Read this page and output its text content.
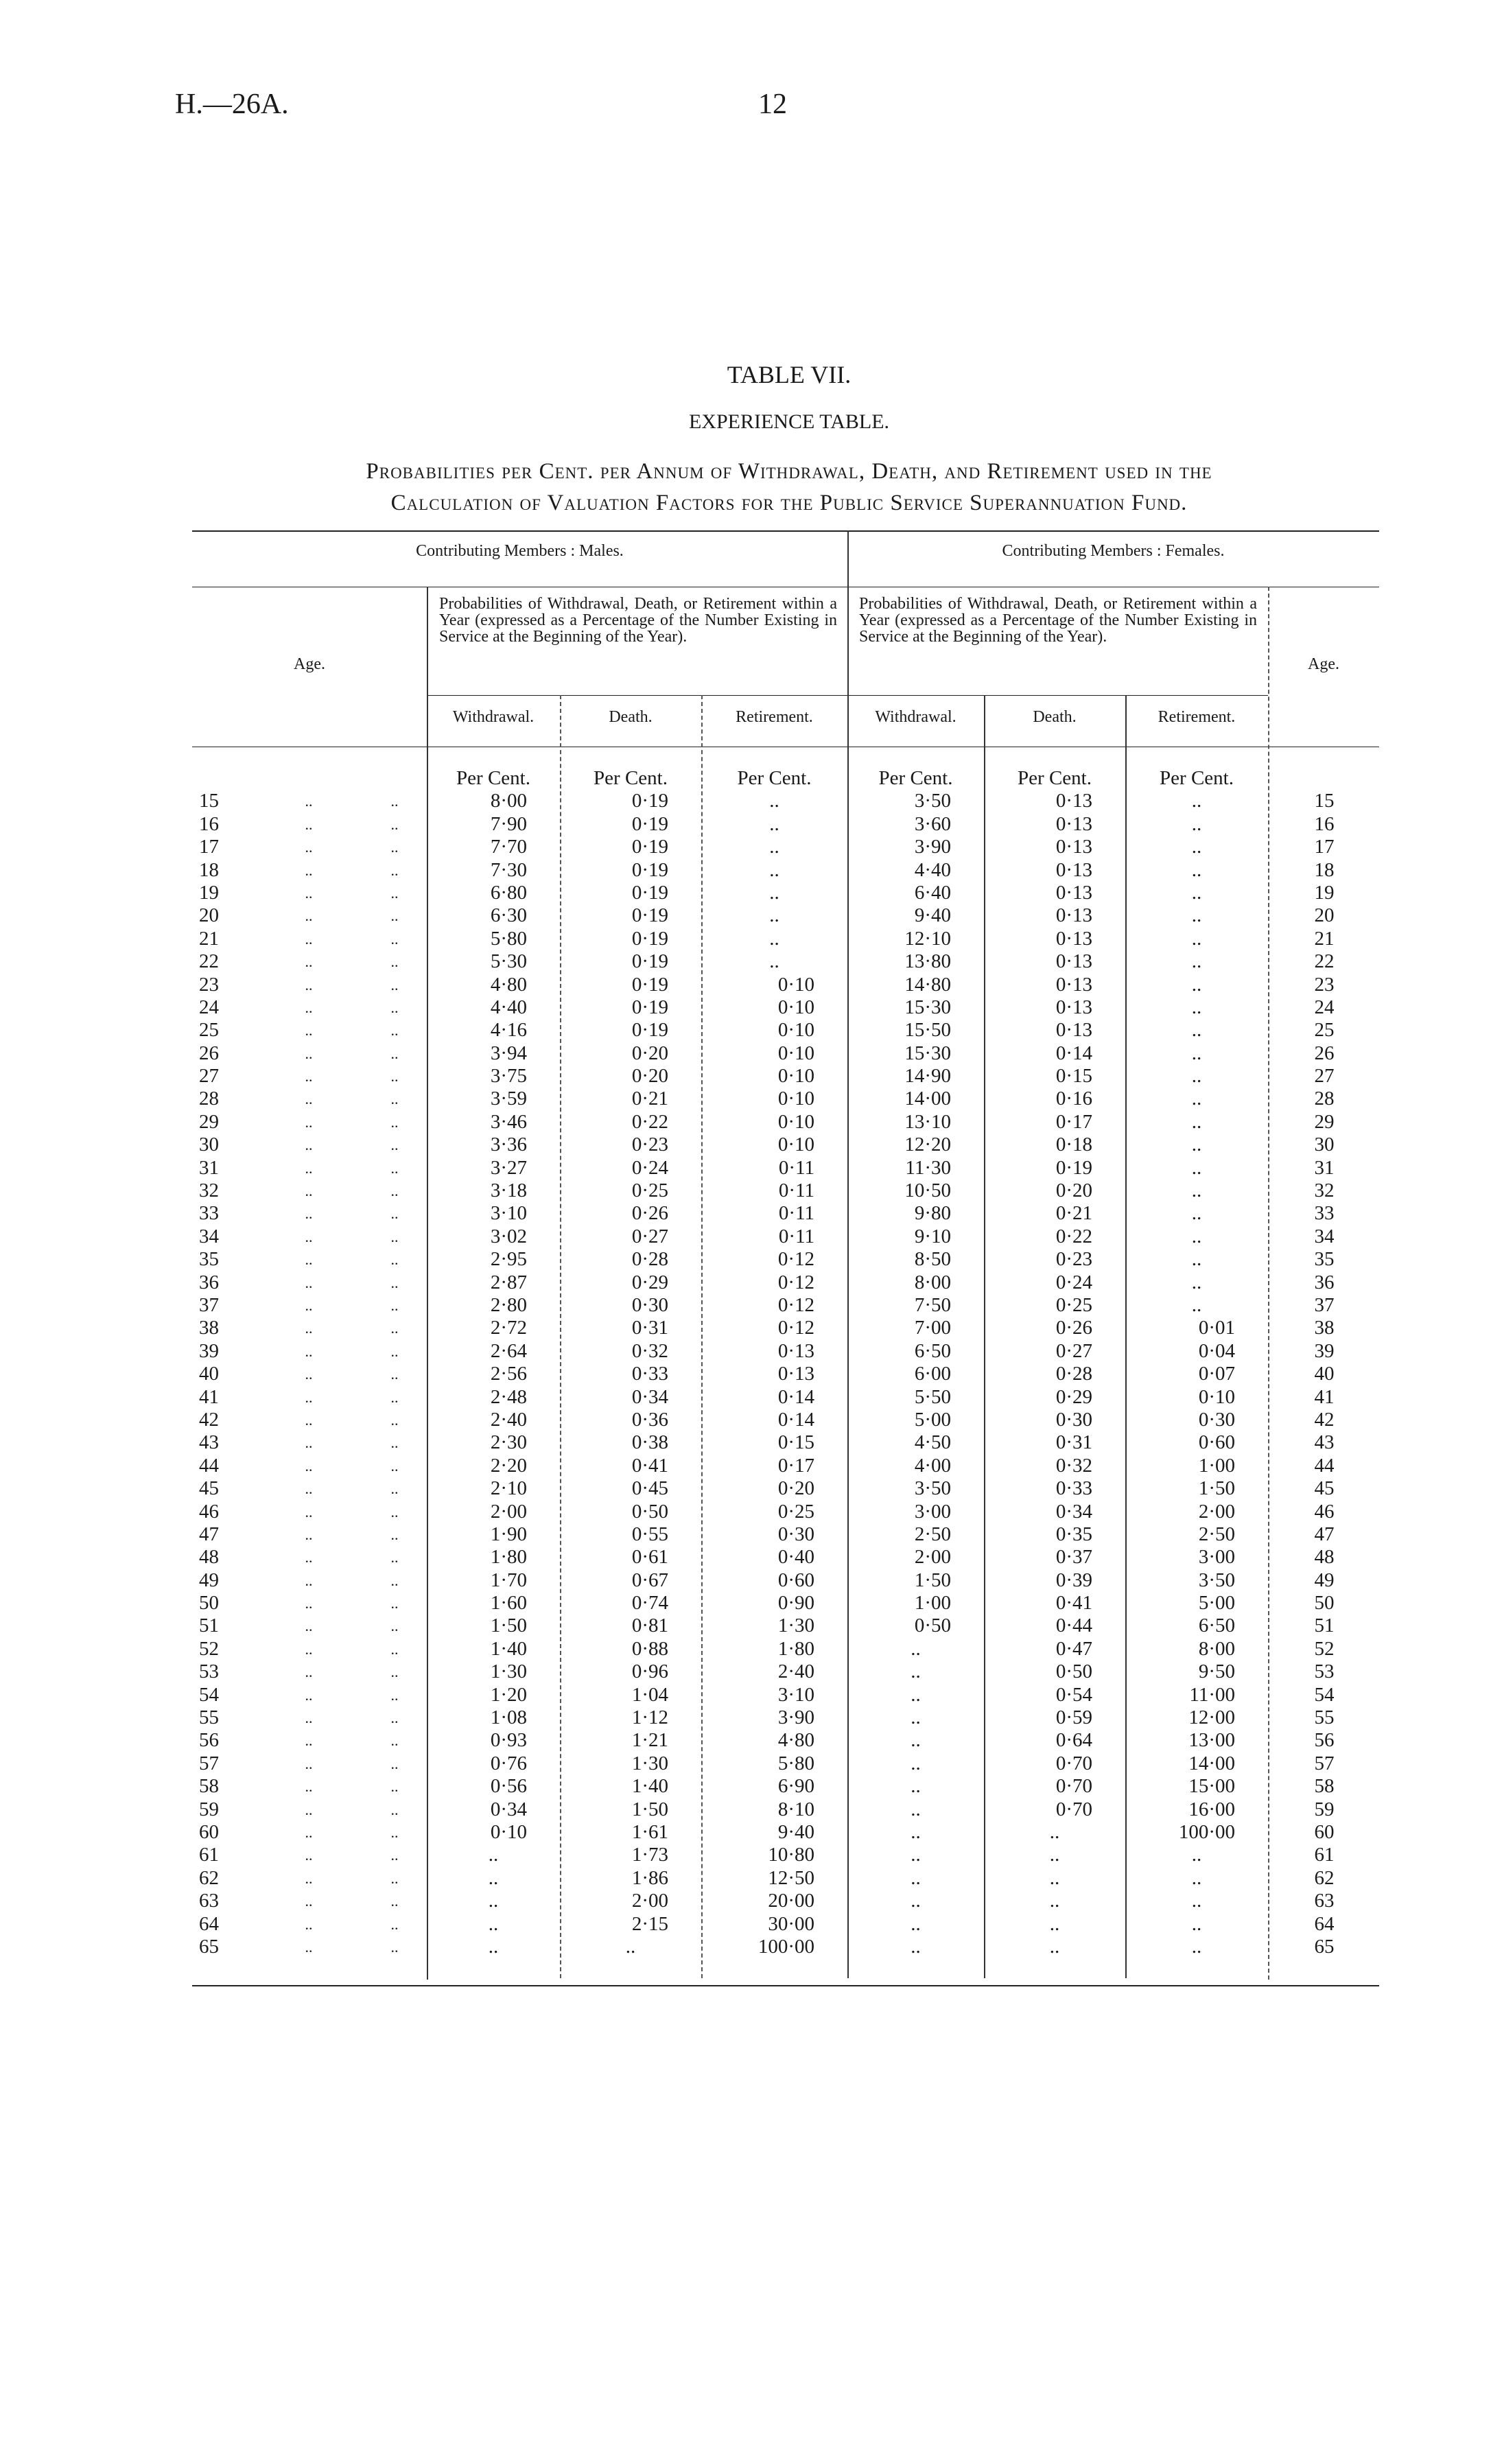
H.—26A.	12
TABLE VII.
EXPERIENCE TABLE.
Probabilities per Cent. per Annum of Withdrawal, Death, and Retirement used in the
Calculation of Valuation Factors for the Public Service Superannuation Fund.
Contributing Members : Males.	Contributing Members : Females.
Probabilities of Withdrawal, Death, or Retirement within a Year (expressed as a Percentage of the Number Existing in Service at the Beginning of the Year).
Probabilities of Withdrawal, Death, or Retirement within a Year (expressed as a Percentage of the Number Existing in Service at the Beginning of the Year).
Age.	Age.
Withdrawal.	Death.	Retirement.	Withdrawal.	Death.	Retirement.
Per Cent.	Per Cent.	Per Cent.	Per Cent.	Per Cent.	Per Cent.
15	..	..	8·00	0·19	..	3·50	0·13	..	15
16	..	..	7·90	0·19	..	3·60	0·13	..	16
17	..	..	7·70	0·19	..	3·90	0·13	..	17
18	..	..	7·30	0·19	..	4·40	0·13	..	18
19	..	..	6·80	0·19	..	6·40	0·13	..	19
20	..	..	6·30	0·19	..	9·40	0·13	..	20
21	..	..	5·80	0·19	..	12·10	0·13	..	21
22	..	..	5·30	0·19	..	13·80	0·13	..	22
23	..	..	4·80	0·19	0·10	14·80	0·13	..	23
24	..	..	4·40	0·19	0·10	15·30	0·13	..	24
25	..	..	4·16	0·19	0·10	15·50	0·13	..	25
26	..	..	3·94	0·20	0·10	15·30	0·14	..	26
27	..	..	3·75	0·20	0·10	14·90	0·15	..	27
28	..	..	3·59	0·21	0·10	14·00	0·16	..	28
29	..	..	3·46	0·22	0·10	13·10	0·17	..	29
30	..	..	3·36	0·23	0·10	12·20	0·18	..	30
31	..	..	3·27	0·24	0·11	11·30	0·19	..	31
32	..	..	3·18	0·25	0·11	10·50	0·20	..	32
33	..	..	3·10	0·26	0·11	9·80	0·21	..	33
34	..	..	3·02	0·27	0·11	9·10	0·22	..	34
35	..	..	2·95	0·28	0·12	8·50	0·23	..	35
36	..	..	2·87	0·29	0·12	8·00	0·24	..	36
37	..	..	2·80	0·30	0·12	7·50	0·25	..	37
38	..	..	2·72	0·31	0·12	7·00	0·26	0·01	38
39	..	..	2·64	0·32	0·13	6·50	0·27	0·04	39
40	..	..	2·56	0·33	0·13	6·00	0·28	0·07	40
41	..	..	2·48	0·34	0·14	5·50	0·29	0·10	41
42	..	..	2·40	0·36	0·14	5·00	0·30	0·30	42
43	..	..	2·30	0·38	0·15	4·50	0·31	0·60	43
44	..	..	2·20	0·41	0·17	4·00	0·32	1·00	44
45	..	..	2·10	0·45	0·20	3·50	0·33	1·50	45
46	..	..	2·00	0·50	0·25	3·00	0·34	2·00	46
47	..	..	1·90	0·55	0·30	2·50	0·35	2·50	47
48	..	..	1·80	0·61	0·40	2·00	0·37	3·00	48
49	..	..	1·70	0·67	0·60	1·50	0·39	3·50	49
50	..	..	1·60	0·74	0·90	1·00	0·41	5·00	50
51	..	..	1·50	0·81	1·30	0·50	0·44	6·50	51
52	..	..	1·40	0·88	1·80	..	0·47	8·00	52
53	..	..	1·30	0·96	2·40	..	0·50	9·50	53
54	..	..	1·20	1·04	3·10	..	0·54	11·00	54
55	..	..	1·08	1·12	3·90	..	0·59	12·00	55
56	..	..	0·93	1·21	4·80	..	0·64	13·00	56
57	..	..	0·76	1·30	5·80	..	0·70	14·00	57
58	..	..	0·56	1·40	6·90	..	0·70	15·00	58
59	..	..	0·34	1·50	8·10	..	0·70	16·00	59
60	..	..	0·10	1·61	9·40	..	..	100·00	60
61	..	..	..	1·73	10·80	..	..	..	61
62	..	..	..	1·86	12·50	..	..	..	62
63	..	..	..	2·00	20·00	..	..	..	63
64	..	..	..	2·15	30·00	..	..	..	64
65	..	..	..	..	100·00	..	..	..	65
